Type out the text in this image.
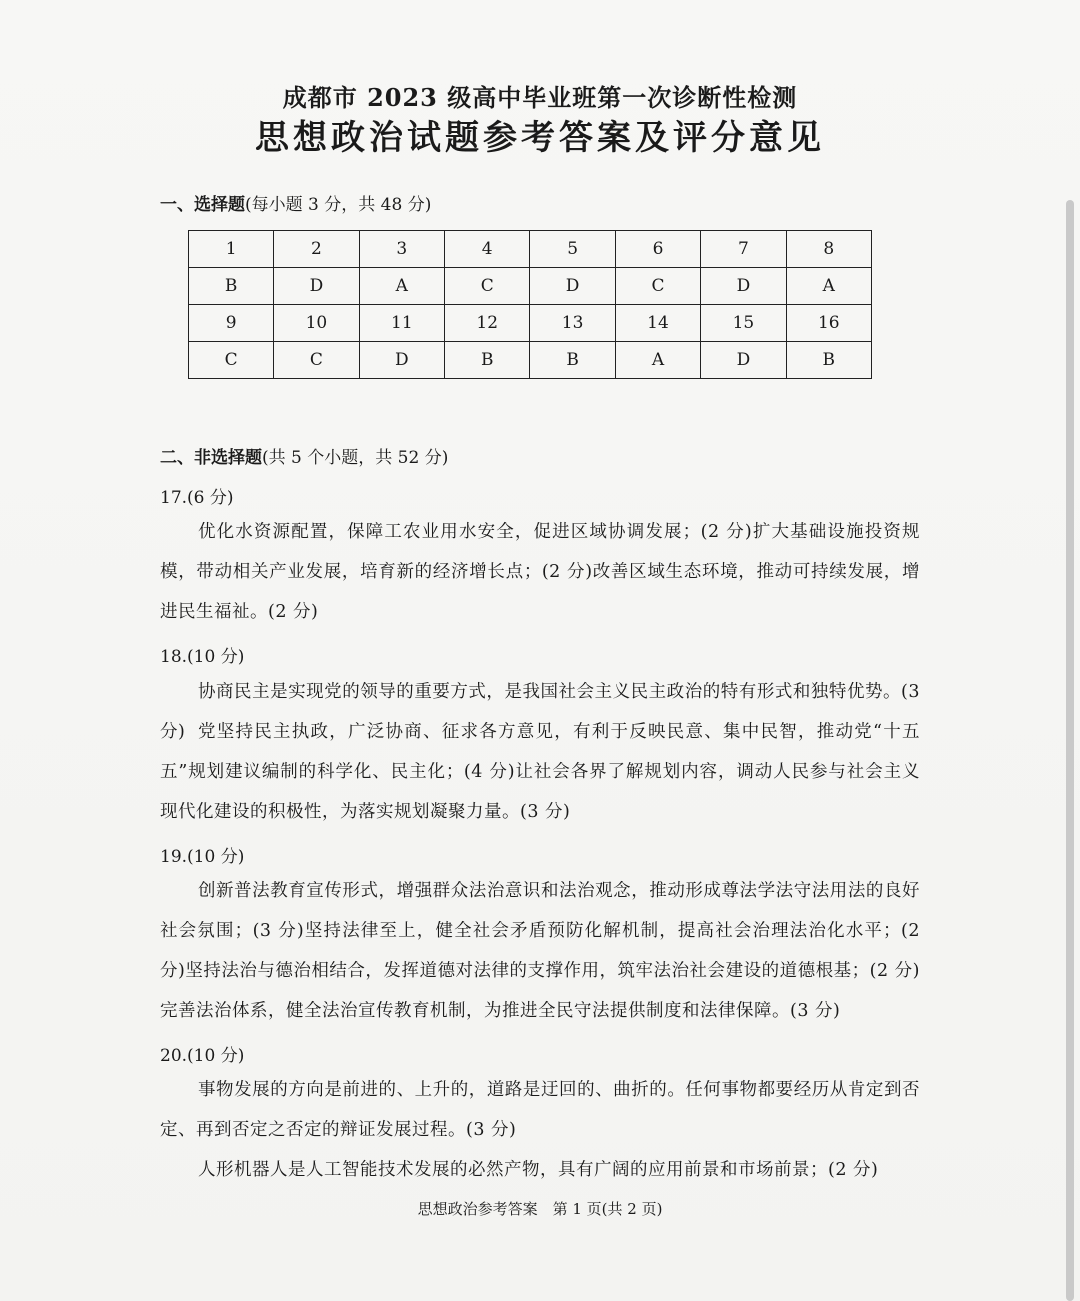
成都市 2023 级高中毕业班第一次诊断性检测
思想政治试题参考答案及评分意见
一、选择题(每小题 3 分，共 48 分)
1	2	3	4	5	6	7	8
B	D	A	C	D	C	D	A
9	10	11	12	13	14	15	16
C	C	D	B	B	A	D	B
二、非选择题(共 5 个小题，共 52 分)
17.(6 分)
优化水资源配置，保障工农业用水安全，促进区域协调发展；(2 分)扩大基础设施投资规模，带动相关产业发展，培育新的经济增长点；(2 分)改善区域生态环境，推动可持续发展，增进民生福祉。(2 分)
18.(10 分)
协商民主是实现党的领导的重要方式，是我国社会主义民主政治的特有形式和独特优势。(3 分) 党坚持民主执政，广泛协商、征求各方意见，有利于反映民意、集中民智，推动党“十五五”规划建议编制的科学化、民主化；(4 分)让社会各界了解规划内容，调动人民参与社会主义现代化建设的积极性，为落实规划凝聚力量。(3 分)
19.(10 分)
创新普法教育宣传形式，增强群众法治意识和法治观念，推动形成尊法学法守法用法的良好社会氛围；(3 分)坚持法律至上，健全社会矛盾预防化解机制，提高社会治理法治化水平；(2 分)坚持法治与德治相结合，发挥道德对法律的支撑作用，筑牢法治社会建设的道德根基；(2 分)完善法治体系，健全法治宣传教育机制，为推进全民守法提供制度和法律保障。(3 分)
20.(10 分)
事物发展的方向是前进的、上升的，道路是迂回的、曲折的。任何事物都要经历从肯定到否定、再到否定之否定的辩证发展过程。(3 分)
人形机器人是人工智能技术发展的必然产物，具有广阔的应用前景和市场前景；(2 分)
思想政治参考答案　第 1 页(共 2 页)
